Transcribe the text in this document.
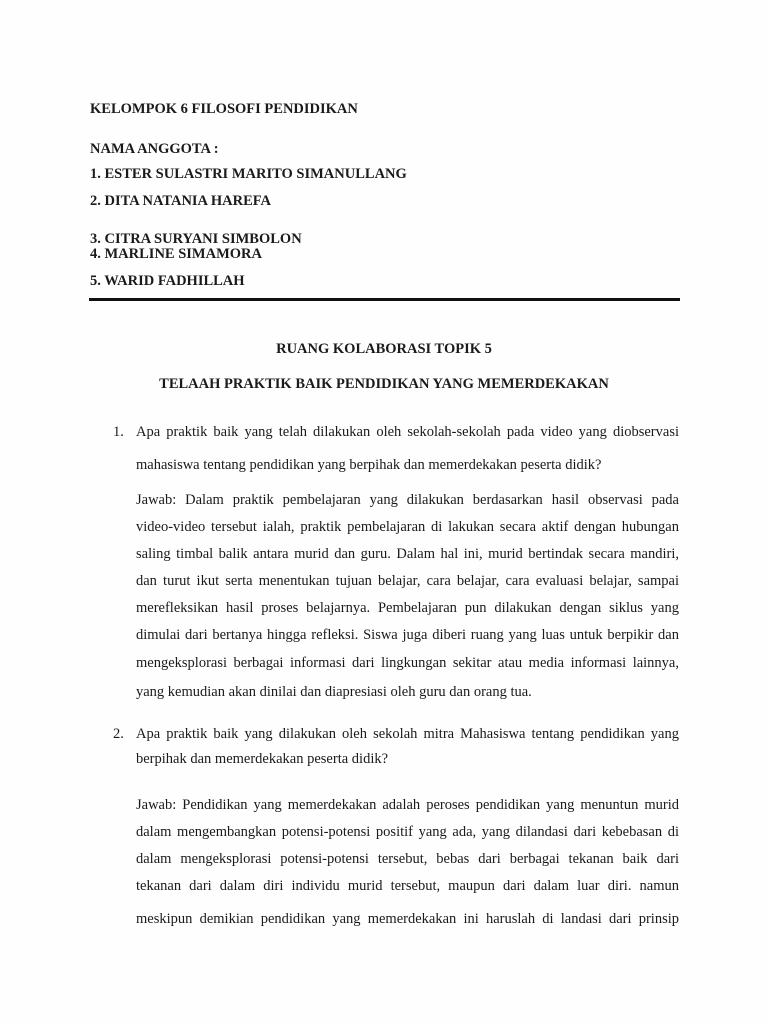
KELOMPOK 6 FILOSOFI PENDIDIKAN
NAMA ANGGOTA :
1. ESTER SULASTRI MARITO SIMANULLANG
2. DITA NATANIA HAREFA
3. CITRA SURYANI SIMBOLON
4. MARLINE SIMAMORA
5. WARID FADHILLAH
RUANG KOLABORASI TOPIK 5
TELAAH PRAKTIK BAIK PENDIDIKAN YANG MEMERDEKAKAN
1. Apa praktik baik yang telah dilakukan oleh sekolah-sekolah pada video yang diobservasi
mahasiswa tentang pendidikan yang berpihak dan memerdekakan peserta didik?
Jawab: Dalam praktik pembelajaran yang dilakukan berdasarkan hasil observasi pada
video-video tersebut ialah, praktik pembelajaran di lakukan secara aktif dengan hubungan
saling timbal balik antara murid dan guru. Dalam hal ini, murid bertindak secara mandiri,
dan turut ikut serta menentukan tujuan belajar, cara belajar, cara evaluasi belajar, sampai
merefleksikan hasil proses belajarnya. Pembelajaran pun dilakukan dengan siklus yang
dimulai dari bertanya hingga refleksi. Siswa juga diberi ruang yang luas untuk berpikir dan
mengeksplorasi berbagai informasi dari lingkungan sekitar atau media informasi lainnya,
yang kemudian akan dinilai dan diapresiasi oleh guru dan orang tua.
2. Apa praktik baik yang dilakukan oleh sekolah mitra Mahasiswa tentang pendidikan yang
berpihak dan memerdekakan peserta didik?
Jawab: Pendidikan yang memerdekakan adalah peroses pendidikan yang menuntun murid
dalam mengembangkan potensi-potensi positif yang ada, yang dilandasi dari kebebasan di
dalam mengeksplorasi potensi-potensi tersebut, bebas dari berbagai tekanan baik dari
tekanan dari dalam diri individu murid tersebut, maupun dari dalam luar diri. namun
meskipun demikian pendidikan yang memerdekakan ini haruslah di landasi dari prinsip
